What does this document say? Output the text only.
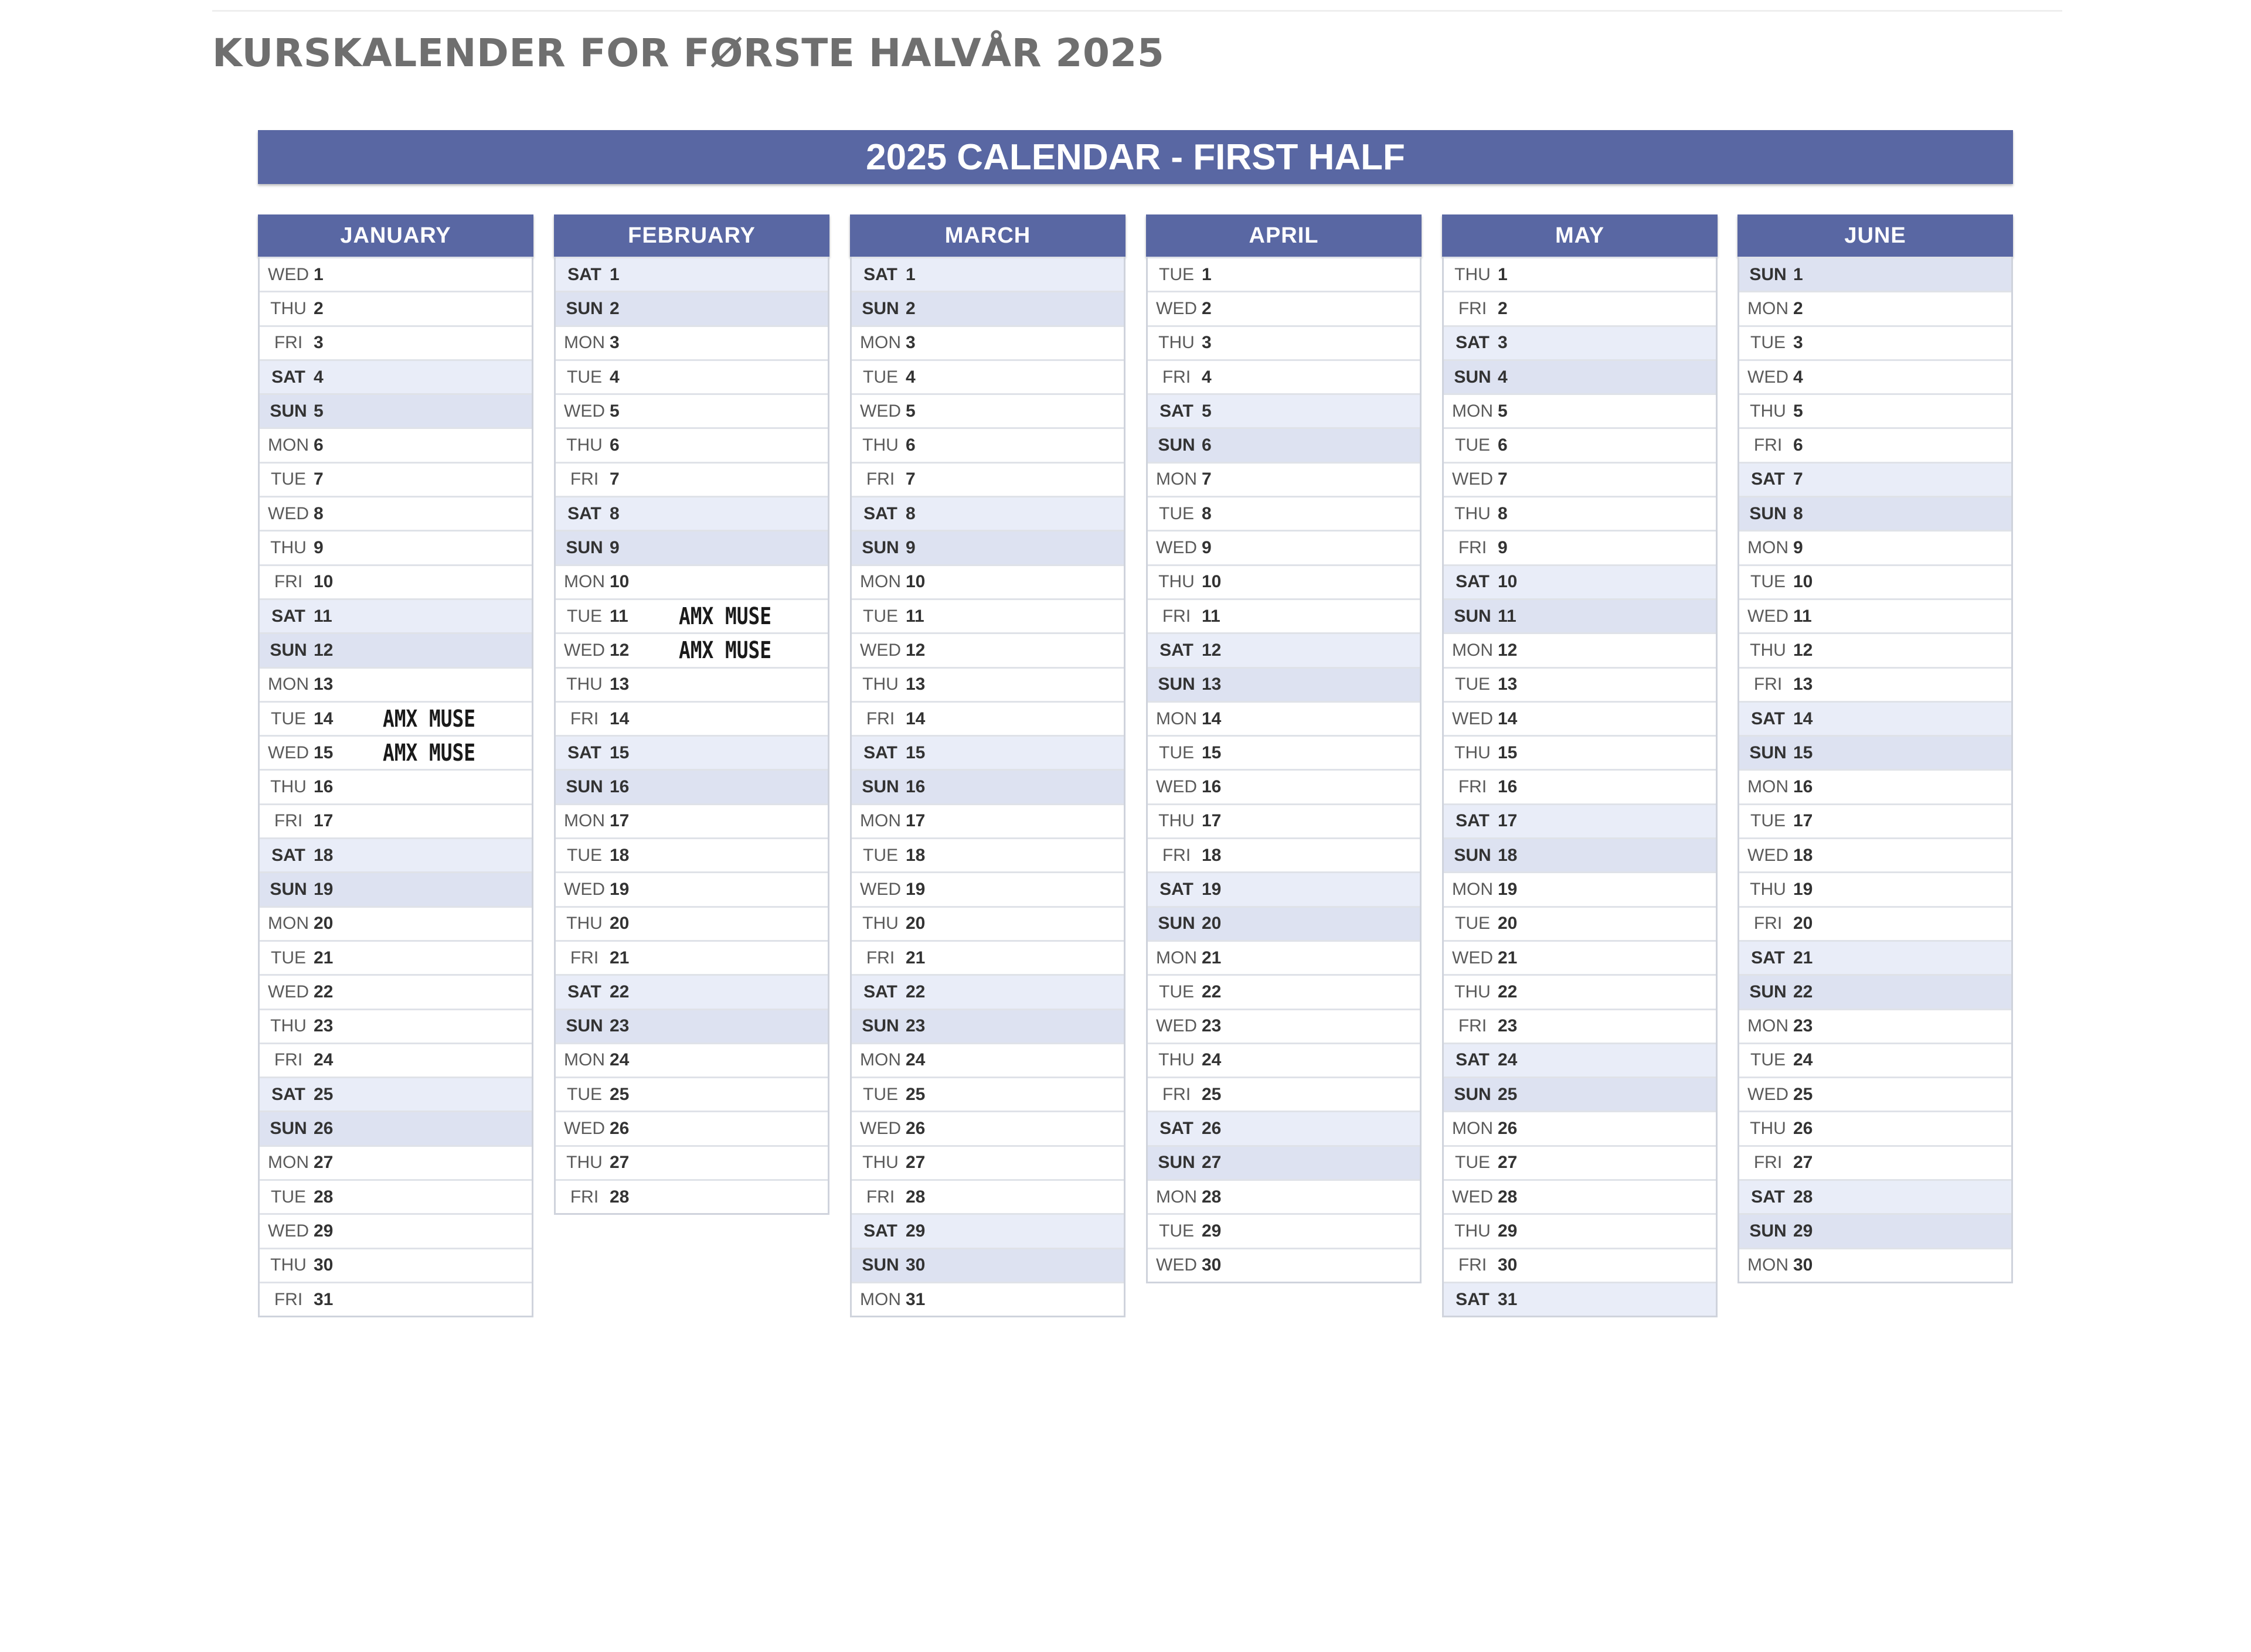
KURSKALENDER FOR FØRSTE HALVÅR 2025
2025 CALENDAR - FIRST HALF
JANUARY
WED 1
THU 2
FRI 3
SAT 4
SUN 5
MON 6
TUE 7
WED 8
THU 9
FRI 10
SAT 11
SUN 12
MON 13
TUE 14	AMX MUSE
WED 15	AMX MUSE
THU 16
FRI 17
SAT 18
SUN 19
MON 20
TUE 21
WED 22
THU 23
FRI 24
SAT 25
SUN 26
MON 27
TUE 28
WED 29
THU 30
FRI 31
FEBRUARY
SAT 1
SUN 2
MON 3
TUE 4
WED 5
THU 6
FRI 7
SAT 8
SUN 9
MON 10
TUE 11	AMX MUSE
WED 12	AMX MUSE
THU 13
FRI 14
SAT 15
SUN 16
MON 17
TUE 18
WED 19
THU 20
FRI 21
SAT 22
SUN 23
MON 24
TUE 25
WED 26
THU 27
FRI 28
MARCH
SAT 1
SUN 2
MON 3
TUE 4
WED 5
THU 6
FRI 7
SAT 8
SUN 9
MON 10
TUE 11
WED 12
THU 13
FRI 14
SAT 15
SUN 16
MON 17
TUE 18
WED 19
THU 20
FRI 21
SAT 22
SUN 23
MON 24
TUE 25
WED 26
THU 27
FRI 28
SAT 29
SUN 30
MON 31
APRIL
TUE 1
WED 2
THU 3
FRI 4
SAT 5
SUN 6
MON 7
TUE 8
WED 9
THU 10
FRI 11
SAT 12
SUN 13
MON 14
TUE 15
WED 16
THU 17
FRI 18
SAT 19
SUN 20
MON 21
TUE 22
WED 23
THU 24
FRI 25
SAT 26
SUN 27
MON 28
TUE 29
WED 30
MAY
THU 1
FRI 2
SAT 3
SUN 4
MON 5
TUE 6
WED 7
THU 8
FRI 9
SAT 10
SUN 11
MON 12
TUE 13
WED 14
THU 15
FRI 16
SAT 17
SUN 18
MON 19
TUE 20
WED 21
THU 22
FRI 23
SAT 24
SUN 25
MON 26
TUE 27
WED 28
THU 29
FRI 30
SAT 31
JUNE
SUN 1
MON 2
TUE 3
WED 4
THU 5
FRI 6
SAT 7
SUN 8
MON 9
TUE 10
WED 11
THU 12
FRI 13
SAT 14
SUN 15
MON 16
TUE 17
WED 18
THU 19
FRI 20
SAT 21
SUN 22
MON 23
TUE 24
WED 25
THU 26
FRI 27
SAT 28
SUN 29
MON 30
